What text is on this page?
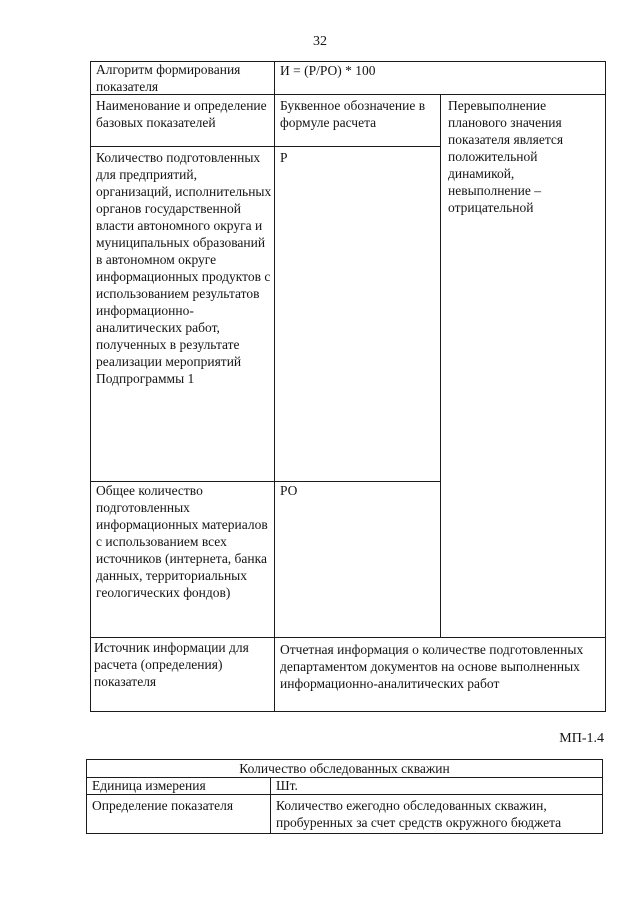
32
Алгоритм формирования показателя
И = (Р/РО) * 100
Наименование и определение базовых показателей
Буквенное обозначение в формуле расчета
Перевыполнение планового значения показателя является положительной динамикой, невыполнение – отрицательной
Количество подготовленных для предприятий, организаций, исполнительных органов государственной власти автономного округа и муниципальных образований в автономном округе информационных продуктов с использованием результатов информационно-аналитических работ, полученных в результате реализации мероприятий Подпрограммы 1
Р
Общее количество подготовленных информационных материалов с использованием всех источников (интернета, банка данных, территориальных геологических фондов)
РО
Источник информации для расчета (определения) показателя
Отчетная информация о количестве подготовленных департаментом документов на основе выполненных информационно-аналитических работ
МП-1.4
Количество обследованных скважин
Единица измерения	Шт.
Определение показателя	Количество ежегодно обследованных скважин, пробуренных за счет средств окружного бюджета
